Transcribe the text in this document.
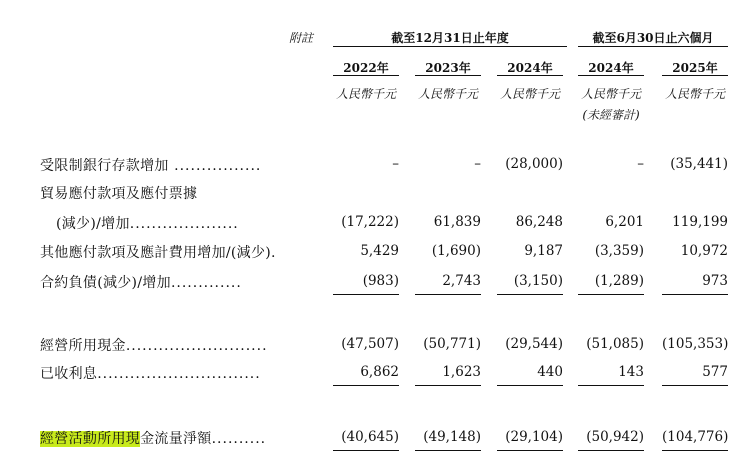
附註	截至12月31日止年度	截至6月30日止六個月
2022年	2023年	2024年	2024年	2025年
人民幣千元 人民幣千元 人民幣千元 人民幣千元 人民幣千元
(未經審計)
受限制銀行存款增加 ................	–	–	(28,000)	–	(35,441)
貿易應付款項及應付票據
(減少)/增加....................	(17,222)	61,839	86,248	6,201	119,199
其他應付款項及應計費用增加/(減少).	5,429	(1,690)	9,187	(3,359)	10,972
合約負債(減少)/增加.............	(983)	2,743	(3,150)	(1,289)	973
經營所用現金..........................	(47,507)	(50,771)	(29,544)	(51,085) (105,353)
已收利息..............................	6,862	1,623	440	143	577
經營活動所用現金流量淨額..........	(40,645)	(49,148)	(29,104)	(50,942) (104,776)
